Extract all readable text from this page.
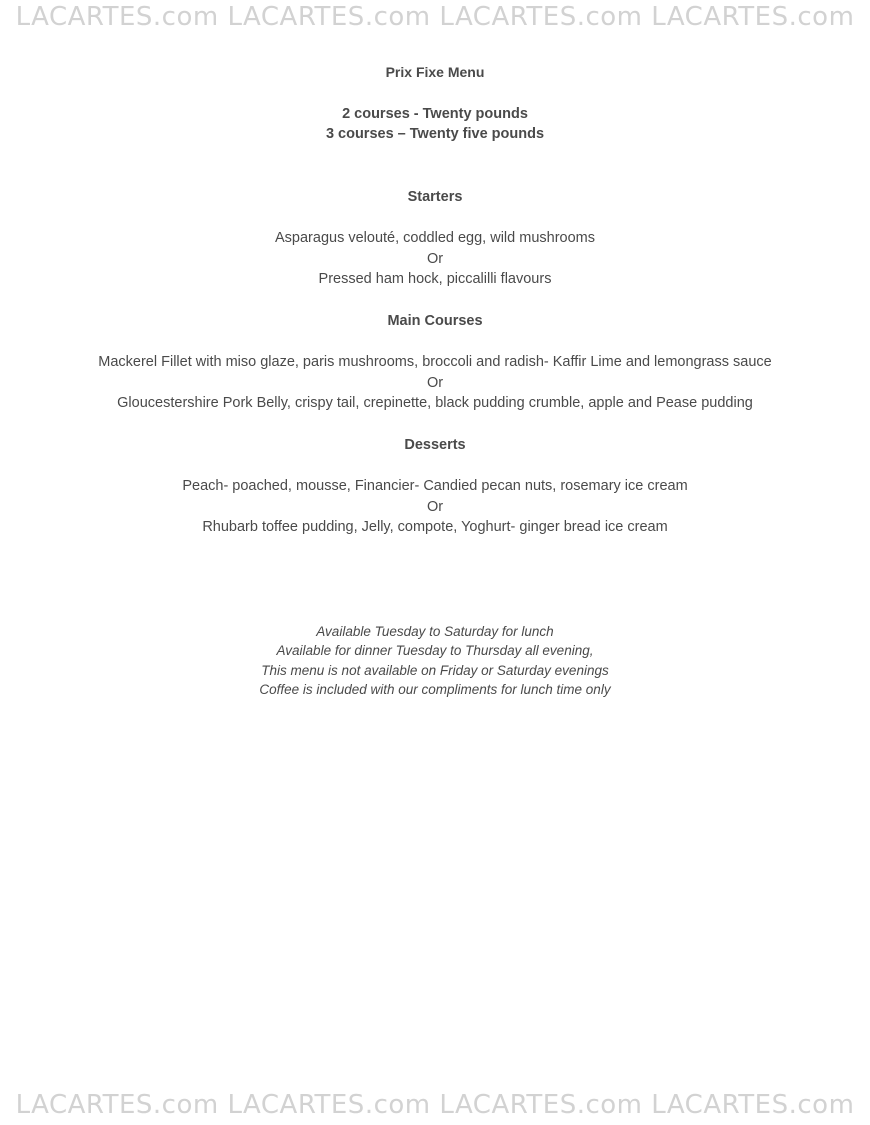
LACARTES.com LACARTES.com LACARTES.com LACARTES.com

Prix Fixe Menu

2 courses - Twenty pounds

3 courses – Twenty five pounds

Starters

Asparagus velouté, coddled egg, wild mushrooms

Or

Pressed ham hock, piccalilli flavours

Main Courses

Mackerel Fillet with miso glaze, paris mushrooms, broccoli and radish- Kaffir Lime and lemongrass sauce

Or

Gloucestershire Pork Belly, crispy tail, crepinette, black pudding crumble, apple and Pease pudding

Desserts

Peach- poached, mousse, Financier- Candied pecan nuts, rosemary ice cream

Or

Rhubarb toffee pudding, Jelly, compote, Yoghurt- ginger bread ice cream

Available Tuesday to Saturday for lunch

Available for dinner Tuesday to Thursday all evening,

This menu is not available on Friday or Saturday evenings

Coffee is included with our compliments for lunch time only

LACARTES.com LACARTES.com LACARTES.com LACARTES.com
